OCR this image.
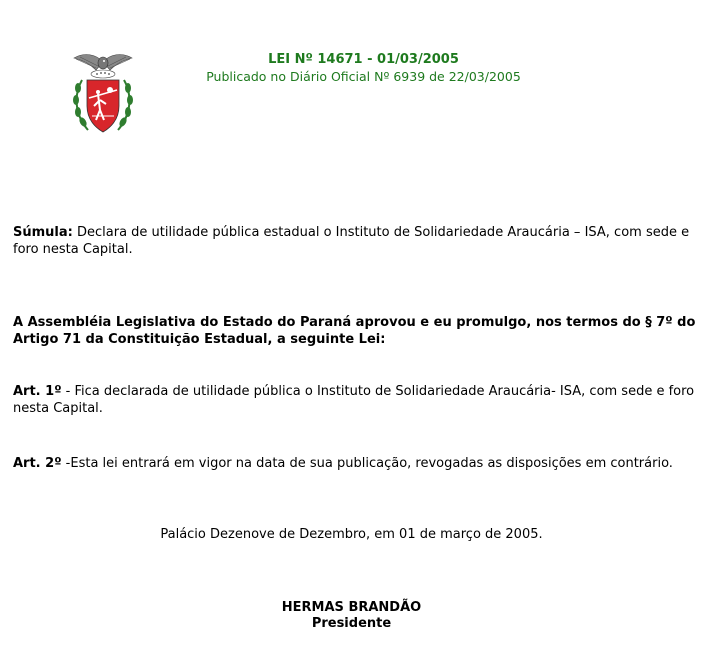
LEI Nº 14671 - 01/03/2005
Publicado no Diário Oficial Nº 6939 de 22/03/2005
Súmula: Declara de utilidade pública estadual o Instituto de Solidariedade Araucária – ISA, com sede e foro nesta Capital.
A Assembléia Legislativa do Estado do Paraná aprovou e eu promulgo, nos termos do § 7º do Artigo 71 da Constituição Estadual, a seguinte Lei:
Art. 1º - Fica declarada de utilidade pública o Instituto de Solidariedade Araucária- ISA, com sede e foro nesta Capital.
Art. 2º -Esta lei entrará em vigor na data de sua publicação, revogadas as disposições em contrário.
Palácio Dezenove de Dezembro, em 01 de março de 2005.
HERMAS BRANDÃO
Presidente
